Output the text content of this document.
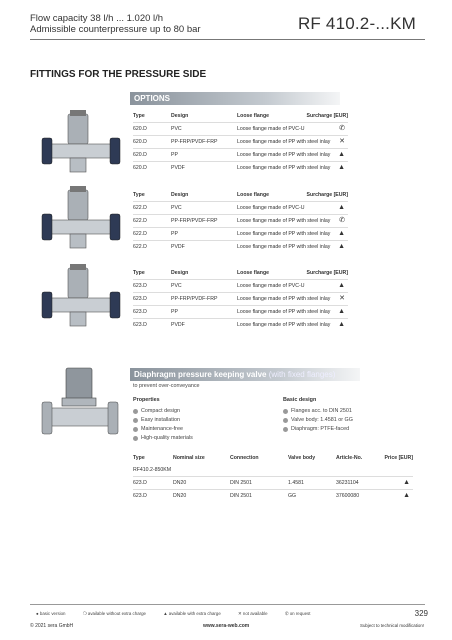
Flow capacity 38 l/h ... 1.020 l/h
Admissible counterpressure up to 80 bar	RF 410.2-...KM
FITTINGS FOR THE PRESSURE SIDE
OPTIONS
Type	Design	Loose flange	Surcharge [EUR]
620.D	PVC	Loose flange made of PVC-U	✆
620.D	PP-FRP/PVDF-FRP	Loose flange made of PP with steel inlay ✕
620.D	PP	Loose flange made of PP with steel inlay ▲
620.D	PVDF	Loose flange made of PP with steel inlay ▲
Type	Design	Loose flange	Surcharge [EUR]
622.D	PVC	Loose flange made of PVC-U	▲
622.D	PP-FRP/PVDF-FRP	Loose flange made of PP with steel inlay ✆
622.D	PP	Loose flange made of PP with steel inlay ▲
622.D	PVDF	Loose flange made of PP with steel inlay ▲
Type	Design	Loose flange	Surcharge [EUR]
623.D	PVC	Loose flange made of PVC-U	▲
623.D	PP-FRP/PVDF-FRP	Loose flange made of PP with steel inlay ✕
623.D	PP	Loose flange made of PP with steel inlay ▲
623.D	PVDF	Loose flange made of PP with steel inlay ▲
Diaphragm pressure keeping valve (with fixed flanges)
to prevent over-conveyance
Properties
Compact design
Easy installation
Maintenance-free
High-quality materials
Basic design
Flanges acc. to DIN 2501
Valve body: 1.4581 or GG
Diaphragm: PTFE-faced
Type	Nominal size	Connection	Valve body	Article-No.	Price [EUR]
RF410.2-850KM
623.D	DN20	DIN 2501	1.4581	36231104	▲
623.D	DN20	DIN 2501	GG	37600080	▲
● basic version	❍ available without extra charge	▲ available with extra charge	✕ not available	✆ on request	329
© 2021 sera GmbH	www.sera-web.com	Subject to technical modification!
